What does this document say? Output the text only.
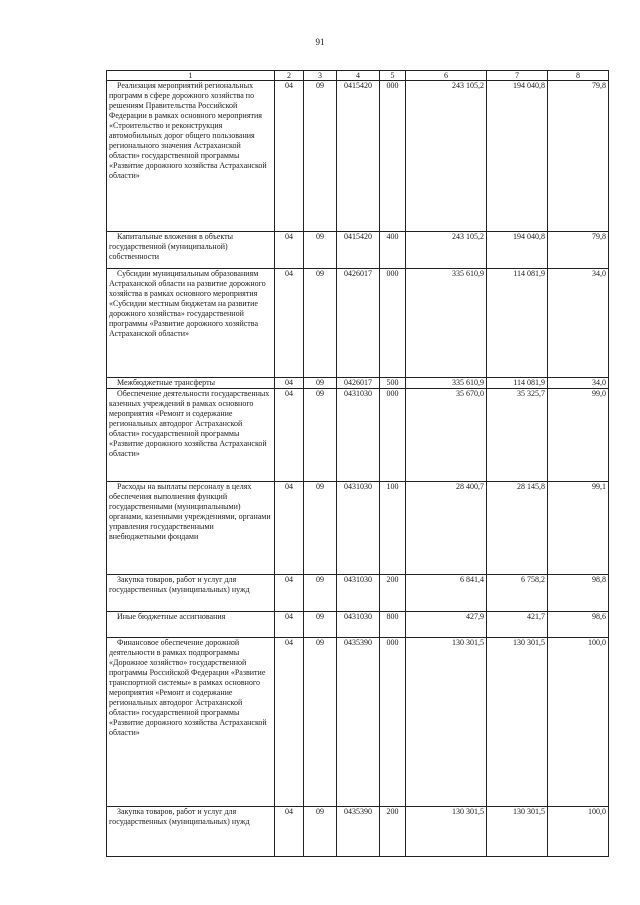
91
1	2	3	4	5	6	7	8
Реализация мероприятий региональных программ в сфере дорожного хозяйства по решениям Правительства Российской Федерации в рамках основного мероприятия «Строительство и реконструкция автомобильных дорог общего пользования регионального значения Астраханской области» государственной программы «Развитие дорожного хозяйства Астраханской области»	04	09	0415420	000	243 105,2	194 040,8	79,8
Капитальные вложения в объекты государственной (муниципальной) собственности	04	09	0415420	400	243 105,2	194 040,8	79,8
Субсидии муниципальным образованиям Астраханской области на развитие дорожного хозяйства в рамках основного мероприятия «Субсидии местным бюджетам на развитие дорожного хозяйства» государственной программы «Развитие дорожного хозяйства Астраханской области»	04	09	0426017	000	335 610,9	114 081,9	34,0
Межбюджетные трансферты	04	09	0426017	500	335 610,9	114 081,9	34,0
Обеспечение деятельности государственных казенных учреждений в рамках основного мероприятия «Ремонт и содержание региональных автодорог Астраханской области» государственной программы «Развитие дорожного хозяйства Астраханской области»	04	09	0431030	000	35 670,0	35 325,7	99,0
Расходы на выплаты персоналу в целях обеспечения выполнения функций государственными (муниципальными) органами, казенными учреждениями, органами управления государственными внебюджетными фондами	04	09	0431030	100	28 400,7	28 145,8	99,1
Закупка товаров, работ и услуг для государственных (муниципальных) нужд	04	09	0431030	200	6 841,4	6 758,2	98,8
Иные бюджетные ассигнования	04	09	0431030	800	427,9	421,7	98,6
Финансовое обеспечение дорожной деятельности в рамках подпрограммы «Дорожное хозяйство» государственной программы Российской Федерации «Развитие транспортной системы» в рамках основного мероприятия «Ремонт и содержание региональных автодорог Астраханской области» государственной программы «Развитие дорожного хозяйства Астраханской области»	04	09	0435390	000	130 301,5	130 301,5	100,0
Закупка товаров, работ и услуг для государственных (муниципальных) нужд	04	09	0435390	200	130 301,5	130 301,5	100,0
